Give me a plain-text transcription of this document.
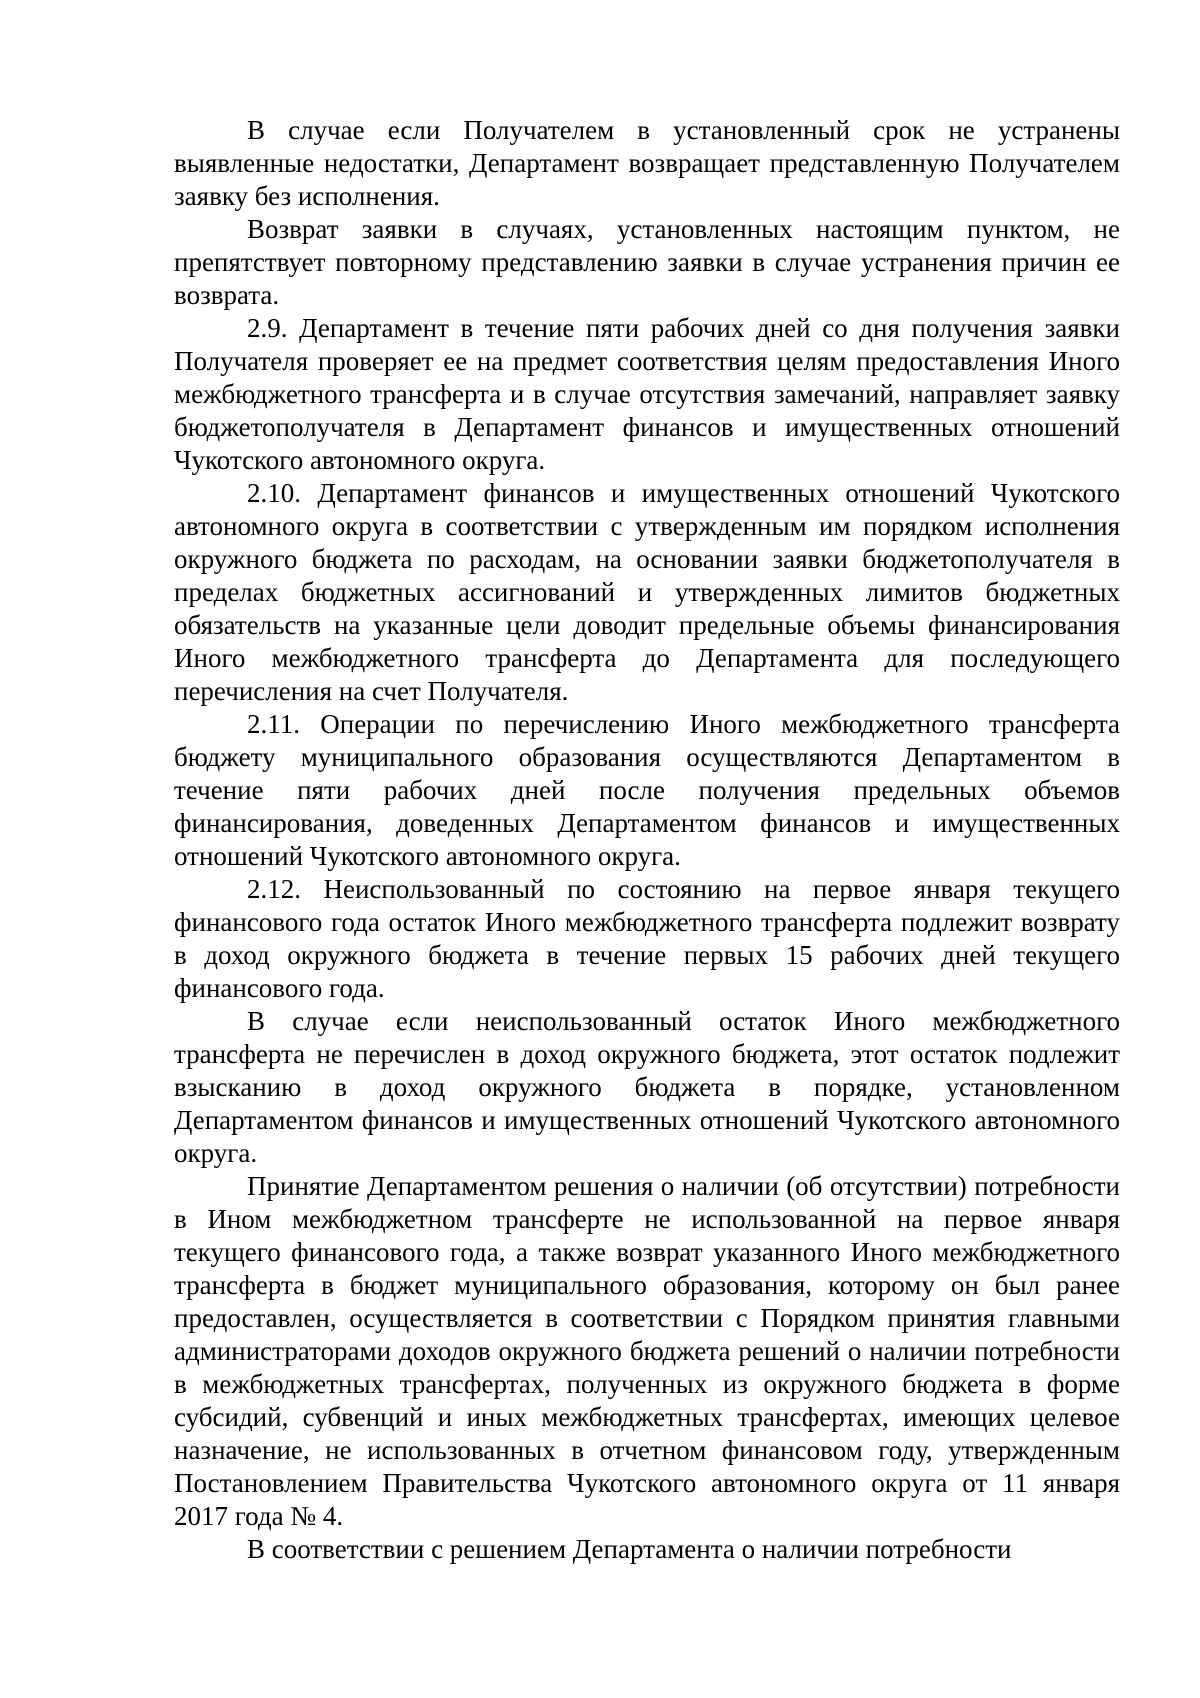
В случае если Получателем в установленный срок не устранены выявленные недостатки, Департамент возвращает представленную Получателем заявку без исполнения.

Возврат заявки в случаях, установленных настоящим пунктом, не препятствует повторному представлению заявки в случае устранения причин ее возврата.

2.9. Департамент в течение пяти рабочих дней со дня получения заявки Получателя проверяет ее на предмет соответствия целям предоставления Иного межбюджетного трансферта и в случае отсутствия замечаний, направляет заявку бюджетополучателя в Департамент финансов и имущественных отношений Чукотского автономного округа.

2.10. Департамент финансов и имущественных отношений Чукотского автономного округа в соответствии с утвержденным им порядком исполнения окружного бюджета по расходам, на основании заявки бюджетополучателя в пределах бюджетных ассигнований и утвержденных лимитов бюджетных обязательств на указанные цели доводит предельные объемы финансирования Иного межбюджетного трансферта до Департамента для последующего перечисления на счет Получателя.

2.11. Операции по перечислению Иного межбюджетного трансферта бюджету муниципального образования осуществляются Департаментом в течение пяти рабочих дней после получения предельных объемов финансирования, доведенных Департаментом финансов и имущественных отношений Чукотского автономного округа.

2.12. Неиспользованный по состоянию на первое января текущего финансового года остаток Иного межбюджетного трансферта подлежит возврату в доход окружного бюджета в течение первых 15 рабочих дней текущего финансового года.

В случае если неиспользованный остаток Иного межбюджетного трансферта не перечислен в доход окружного бюджета, этот остаток подлежит взысканию в доход окружного бюджета в порядке, установленном Департаментом финансов и имущественных отношений Чукотского автономного округа.

Принятие Департаментом решения о наличии (об отсутствии) потребности в Ином межбюджетном трансферте не использованной на первое января текущего финансового года, а также возврат указанного Иного межбюджетного трансферта в бюджет муниципального образования, которому он был ранее предоставлен, осуществляется в соответствии с Порядком принятия главными администраторами доходов окружного бюджета решений о наличии потребности в межбюджетных трансфертах, полученных из окружного бюджета в форме субсидий, субвенций и иных межбюджетных трансфертах, имеющих целевое назначение, не использованных в отчетном финансовом году, утвержденным Постановлением Правительства Чукотского автономного округа от 11 января 2017 года № 4.

В соответствии с решением Департамента о наличии потребности
